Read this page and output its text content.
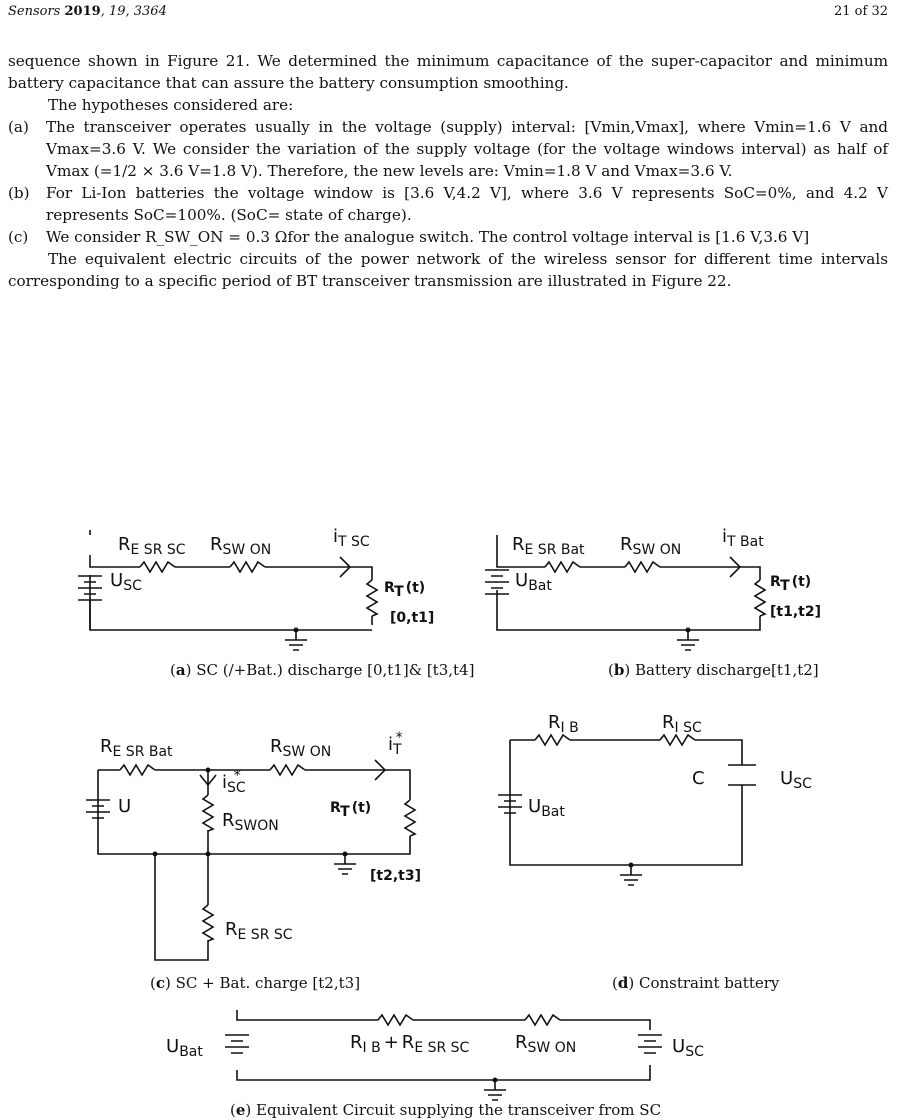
Sensors 2019, 19, 3364	21 of 32

sequence shown in Figure 21. We determined the minimum capacitance of the super-capacitor and minimum battery capacitance that can assure the battery consumption smoothing.

The hypotheses considered are:

(a) The transceiver operates usually in the voltage (supply) interval: [Vmin,Vmax], where Vmin=1.6 V and Vmax=3.6 V. We consider the variation of the supply voltage (for the voltage windows interval) as half of Vmax (=1/2 × 3.6 V=1.8 V). Therefore, the new levels are: Vmin=1.8 V and Vmax=3.6 V.

(b) For Li-Ion batteries the voltage window is [3.6 V,4.2 V], where 3.6 V represents SoC=0%, and 4.2 V represents SoC=100%. (SoC= state of charge).

(c) We consider R_SW_ON = 0.3 Ωfor the analogue switch. The control voltage interval is [1.6 V,3.6 V]

The equivalent electric circuits of the power network of the wireless sensor for different time intervals corresponding to a specific period of BT transceiver transmission are illustrated in Figure 22.

$R_{E SR SC}$ $R_{SW ON}$
$i_{T SC}$
$U_{SC}$	RT (t)
[0,t1]
(a) SC (/+Bat.) discharge [0,t1]& [t3,t4]
$R_{E SR Bat}$ $R_{SW ON}$
$i_{T Bat}$
$U_{Bat}$	RT (t)
[t1,t2]
(b) Battery discharge[t1,t2]
$R_{E SR Bat}$	$R_{SW ON}$	$i_T*$
$i_{SC}*$
U
$R_{SWON}$
RT (t)
[t2,t3]
$R_{E SR SC}$
(c) SC + Bat. charge [t2,t3]
$R_{I B}$	$R_{I SC}$
$U_{Bat}$
C	$U_{SC}$
(d) Constraint battery
$U_{Bat}$	$R_{I B} + R_{E SR SC}$	$R_{SW ON}$	$U_{SC}$
(e) Equivalent Circuit supplying the transceiver from SC
